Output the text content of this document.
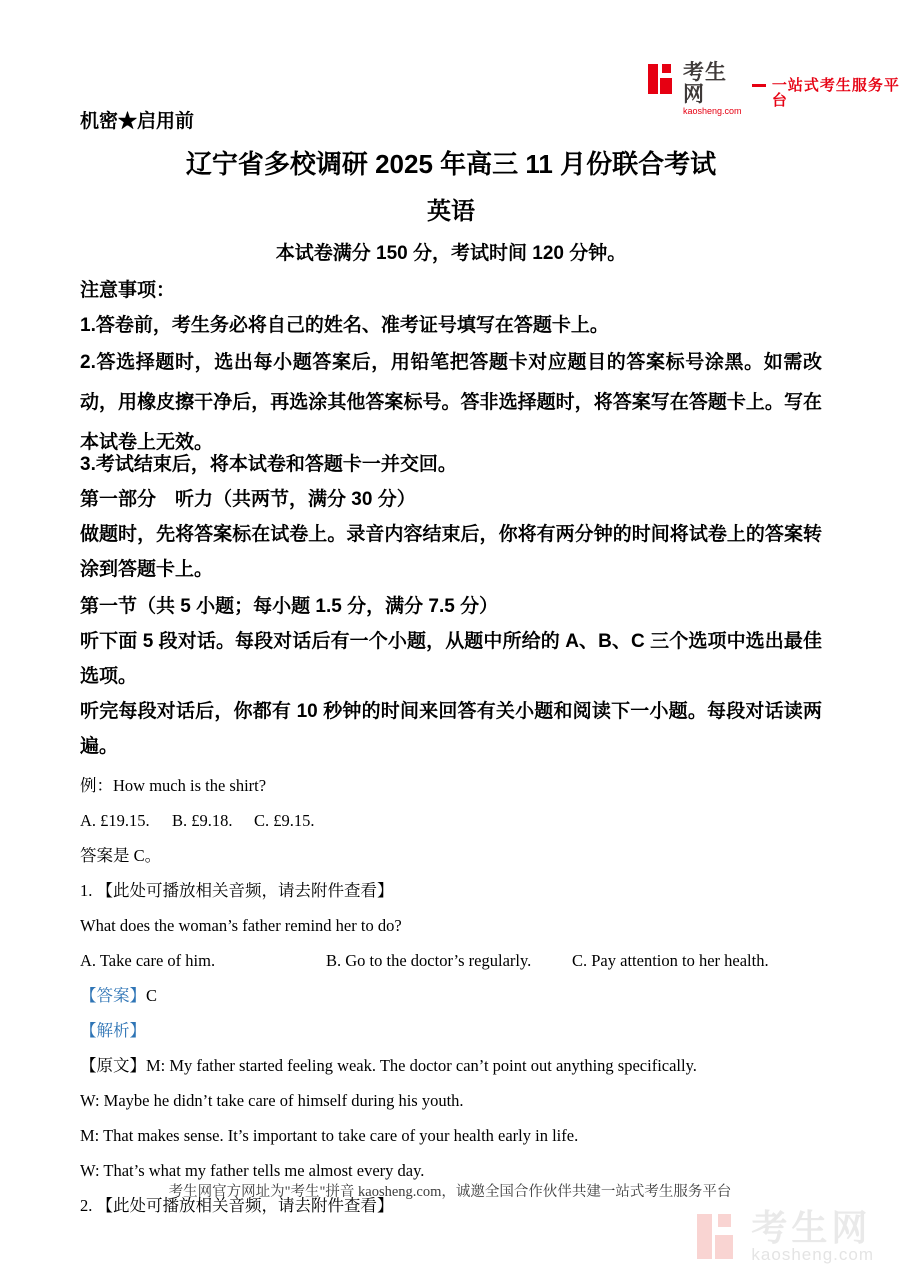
考生网
kaosheng.com
一站式考生服务平台
机密★启用前
辽宁省多校调研 2025 年高三 11 月份联合考试
英语
本试卷满分 150 分，考试时间 120 分钟。
注意事项：
1.答卷前，考生务必将自己的姓名、准考证号填写在答题卡上。
2.答选择题时，选出每小题答案后，用铅笔把答题卡对应题目的答案标号涂黑。如需改动，用橡皮擦干净后，再选涂其他答案标号。答非选择题时，将答案写在答题卡上。写在本试卷上无效。
3.考试结束后，将本试卷和答题卡一并交回。
第一部分　听力（共两节，满分 30 分）
做题时，先将答案标在试卷上。录音内容结束后，你将有两分钟的时间将试卷上的答案转涂到答题卡上。
第一节（共 5 小题；每小题 1.5 分，满分 7.5 分）
听下面 5 段对话。每段对话后有一个小题，从题中所给的 A、B、C 三个选项中选出最佳选项。
听完每段对话后，你都有 10 秒钟的时间来回答有关小题和阅读下一小题。每段对话读两遍。
例：How much is the shirt?
A. £19.15. B. £9.18. C. £9.15.
答案是 C。
1. 【此处可播放相关音频，请去附件查看】
What does the woman’s father remind her to do?
A. Take care of him.	B. Go to the doctor’s regularly. C. Pay attention to her health.
【答案】C
【解析】
【原文】M: My father started feeling weak. The doctor can’t point out anything specifically.
W: Maybe he didn’t take care of himself during his youth.
M: That makes sense. It’s important to take care of your health early in life.
W: That’s what my father tells me almost every day.
2. 【此处可播放相关音频，请去附件查看】
考生网官方网址为"考生"拼音 kaosheng.com，诚邀全国合作伙伴共建一站式考生服务平台
考生网
kaosheng.com
